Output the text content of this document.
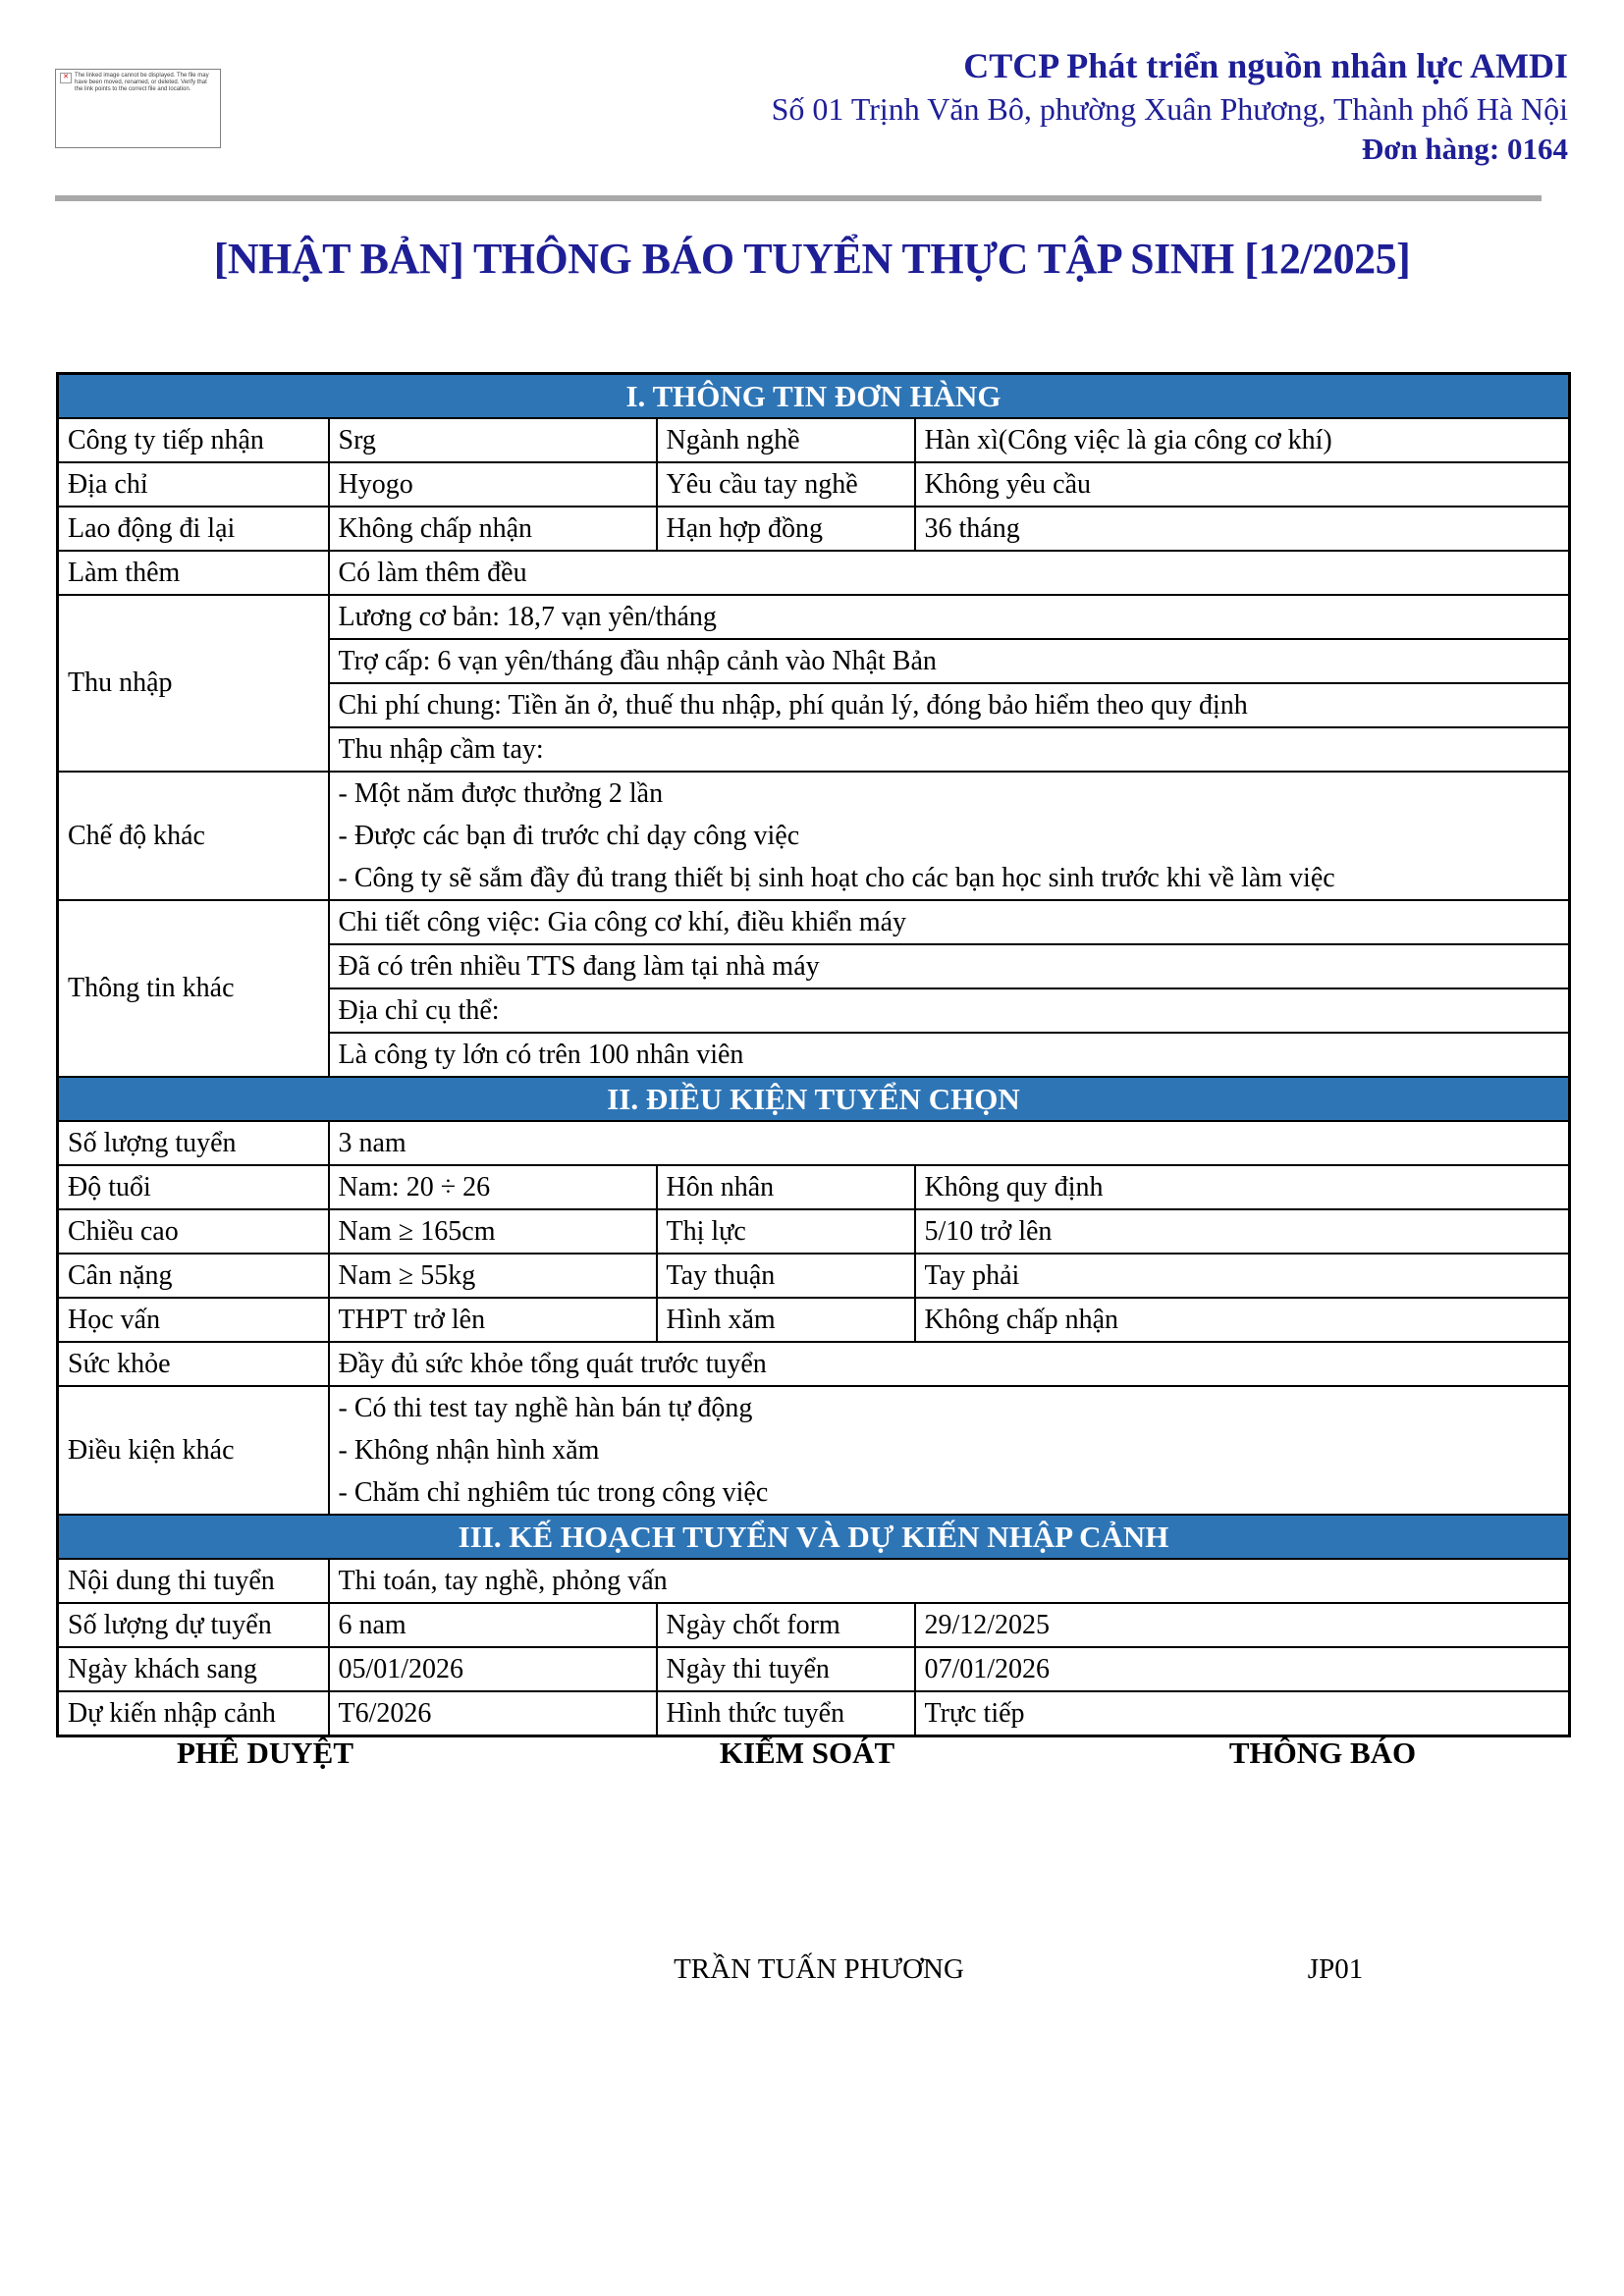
✕	The linked image cannot be displayed. The file may have been moved, renamed, or deleted. Verify that the link points to the correct file and location.
CTCP Phát triển nguồn nhân lực AMDI
Số 01 Trịnh Văn Bô, phường Xuân Phương, Thành phố Hà Nội
Đơn hàng: 0164
[NHẬT BẢN] THÔNG BÁO TUYỂN THỰC TẬP SINH [12/2025]
I. THÔNG TIN ĐƠN HÀNG			
Công ty tiếp nhận	Srg	Ngành nghề	Hàn xì(Công việc là gia công cơ khí)
Địa chỉ	Hyogo	Yêu cầu tay nghề	Không yêu cầu
Lao động đi lại	Không chấp nhận	Hạn hợp đồng	36 tháng
Làm thêm	Có làm thêm đều		
Thu nhập	Lương cơ bản: 18,7 vạn yên/tháng		
	Trợ cấp: 6 vạn yên/tháng đầu nhập cảnh vào Nhật Bản		
	Chi phí chung: Tiền ăn ở, thuế thu nhập, phí quản lý, đóng bảo hiểm theo quy định		
	Thu nhập cầm tay:		
Chế độ khác	- Một năm được thưởng 2 lần
- Được các bạn đi trước chỉ dạy công việc
- Công ty sẽ sắm đầy đủ trang thiết bị sinh hoạt cho các bạn học sinh trước khi về làm việc		

Thông tin khác	Chi tiết công việc: Gia công cơ khí, điều khiển máy		
	Đã có trên nhiều TTS đang làm tại nhà máy		
	Địa chỉ cụ thể:		
	Là công ty lớn có trên 100 nhân viên		
II. ĐIỀU KIỆN TUYỂN CHỌN			
Số lượng tuyển	3 nam		
Độ tuổi	Nam: 20 ÷ 26	Hôn nhân	Không quy định
Chiều cao	Nam ≥ 165cm	Thị lực	5/10 trở lên
Cân nặng	Nam ≥ 55kg	Tay thuận	Tay phải
Học vấn	THPT trở lên	Hình xăm	Không chấp nhận
Sức khỏe	Đầy đủ sức khỏe tổng quát trước tuyển		
Điều kiện khác	- Có thi test tay nghề hàn bán tự động
- Không nhận hình xăm
- Chăm chỉ nghiêm túc trong công việc		

III. KẾ HOẠCH TUYỂN VÀ DỰ KIẾN NHẬP CẢNH			
Nội dung thi tuyển	Thi toán, tay nghề, phỏng vấn		
Số lượng dự tuyển	6 nam	Ngày chốt form	29/12/2025
Ngày khách sang	05/01/2026	Ngày thi tuyển	07/01/2026
Dự kiến nhập cảnh	T6/2026	Hình thức tuyển	Trực tiếp
PHÊ DUYỆT	KIỂM SOÁT	THÔNG BÁO
TRẦN TUẤN PHƯƠNG	JP01
